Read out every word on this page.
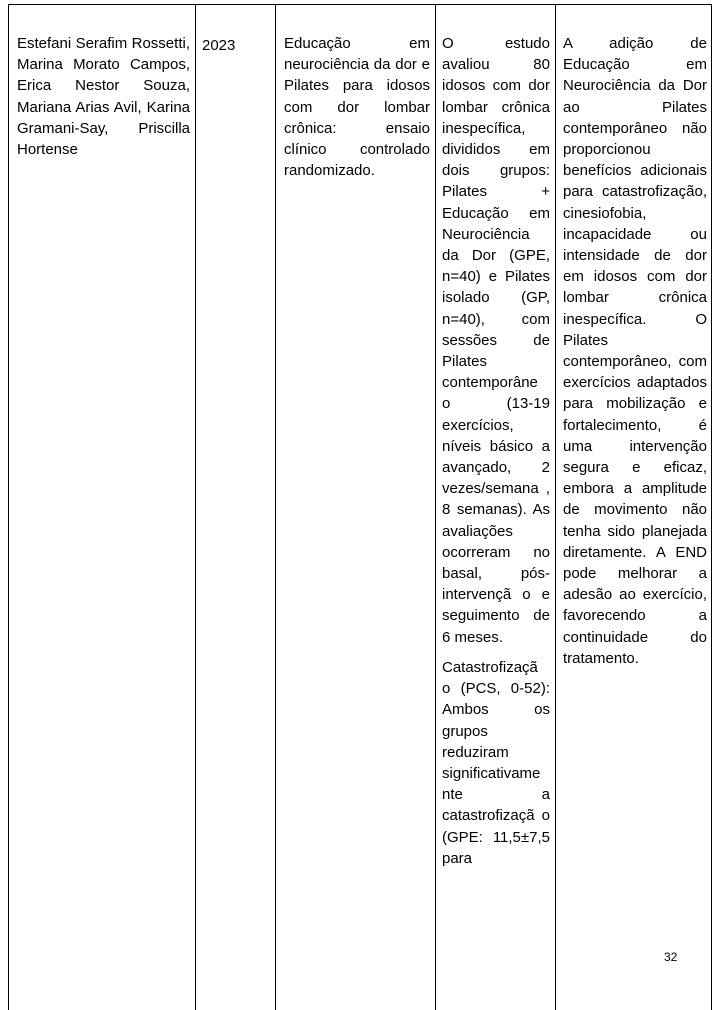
Estefani Serafim Rossetti, Marina Morato Campos, Erica Nestor Souza, Mariana Arias Avil, Karina Gramani-Say, Priscilla Hortense

2023	Educação em neurociência da dor e Pilates para idosos com dor lombar crônica: ensaio clínico controlado randomizado.

O estudo avaliou 80 idosos com dor lombar crônica inespecífica, divididos em dois grupos: Pilates + Educação em Neurociência da Dor (GPE, n=40) e Pilates isolado (GP, n=40), com sessões de Pilates contemporâne o (13-19 exercícios, níveis básico a avançado, 2 vezes/semana , 8 semanas). As avaliações ocorreram no basal, pós-intervençã o e seguimento de 6 meses.

Catastrofizaçã o (PCS, 0-52): Ambos os grupos reduziram significativame nte a catastrofizaçã o (GPE: 11,5±7,5 para

A adição de Educação em Neurociência da Dor ao Pilates contemporâneo não proporcionou benefícios adicionais para catastrofização, cinesiofobia, incapacidade ou intensidade de dor em idosos com dor lombar crônica inespecífica. O Pilates contemporâneo, com exercícios adaptados para mobilização e fortalecimento, é uma intervenção segura e eficaz, embora a amplitude de movimento não tenha sido planejada diretamente. A END pode melhorar a adesão ao exercício, favorecendo a continuidade do tratamento.

32
